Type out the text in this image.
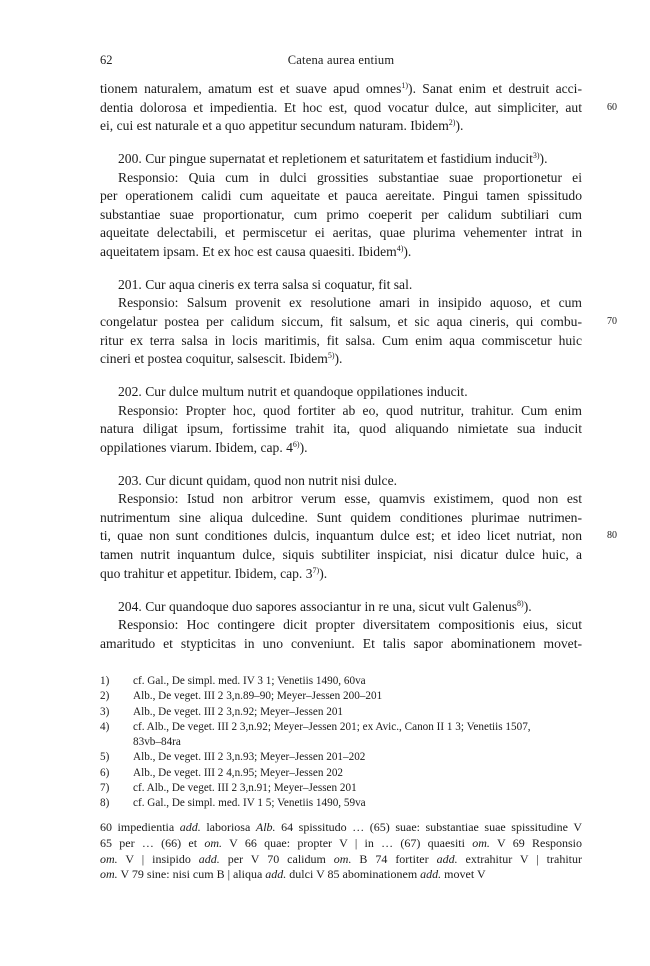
62	Catena aurea entium
tionem naturalem, amatum est et suave apud omnes$^{1)}$). Sanat enim et destruit acci-
dentia dolorosa et impedientia. Et hoc est, quod vocatur dulce, aut simpliciter, aut	60
ei, cui est naturale et a quo appetitur secundum naturam. Ibidem$^{2)}$).
200. Cur pingue supernatat et repletionem et saturitatem et fastidium inducit$^{3)}$).
Responsio: Quia cum in dulci grossities substantiae suae proportionetur ei
per operationem calidi cum aqueitate et pauca aereitate. Pingui tamen spissitudo
substantiae suae proportionatur, cum primo coeperit per calidum subtiliari cum
aqueitate delectabili, et permiscetur ei aeritas, quae plurima vehementer intrat in
aqueitatem ipsam. Et ex hoc est causa quaesiti. Ibidem$^{4)}$).
201. Cur aqua cineris ex terra salsa si coquatur, fit sal.
Responsio: Salsum provenit ex resolutione amari in insipido aquoso, et cum
congelatur postea per calidum siccum, fit salsum, et sic aqua cineris, qui combu-	70
ritur ex terra salsa in locis maritimis, fit salsa. Cum enim aqua commiscetur huic
cineri et postea coquitur, salsescit. Ibidem$^{5)}$).
202. Cur dulce multum nutrit et quandoque oppilationes inducit.
Responsio: Propter hoc, quod fortiter ab eo, quod nutritur, trahitur. Cum enim
natura diligat ipsum, fortissime trahit ita, quod aliquando nimietate sua inducit
oppilationes viarum. Ibidem, cap. 4$^{6)}$).
203. Cur dicunt quidam, quod non nutrit nisi dulce.
Responsio: Istud non arbitror verum esse, quamvis existimem, quod non est
nutrimentum sine aliqua dulcedine. Sunt quidem conditiones plurimae nutrimen-
ti, quae non sunt conditiones dulcis, inquantum dulce est; et ideo licet nutriat, non	80
tamen nutrit inquantum dulce, siquis subtiliter inspiciat, nisi dicatur dulce huic, a
quo trahitur et appetitur. Ibidem, cap. 3$^{7)}$).
204. Cur quandoque duo sapores associantur in re una, sicut vult Galenus$^{8)}$).
Responsio: Hoc contingere dicit propter diversitatem compositionis eius, sicut
amaritudo et stypticitas in uno conveniunt. Et talis sapor abominationem movet-
1) cf. Gal., De simpl. med. IV 3 1; Venetiis 1490, 60va
2) Alb., De veget. III 2 3,n.89–90; Meyer–Jessen 200–201
3) Alb., De veget. III 2 3,n.92; Meyer–Jessen 201
4) cf. Alb., De veget. III 2 3,n.92; Meyer–Jessen 201; ex Avic., Canon II 1 3; Venetiis 1507,
83vb–84ra
5) Alb., De veget. III 2 3,n.93; Meyer–Jessen 201–202
6) Alb., De veget. III 2 4,n.95; Meyer–Jessen 202
7) cf. Alb., De veget. III 2 3,n.91; Meyer–Jessen 201
8) cf. Gal., De simpl. med. IV 1 5; Venetiis 1490, 59va
60 impedientia add. laboriosa Alb. 64 spissitudo … (65) suae: substantiae suae spissitudine V
65 per … (66) et om. V 66 quae: propter V | in … (67) quaesiti om. V 69 Responsio
om. V | insipido add. per V 70 calidum om. B 74 fortiter add. extrahitur V | trahitur
om. V 79 sine: nisi cum B | aliqua add. dulci V 85 abominationem add. movet V
